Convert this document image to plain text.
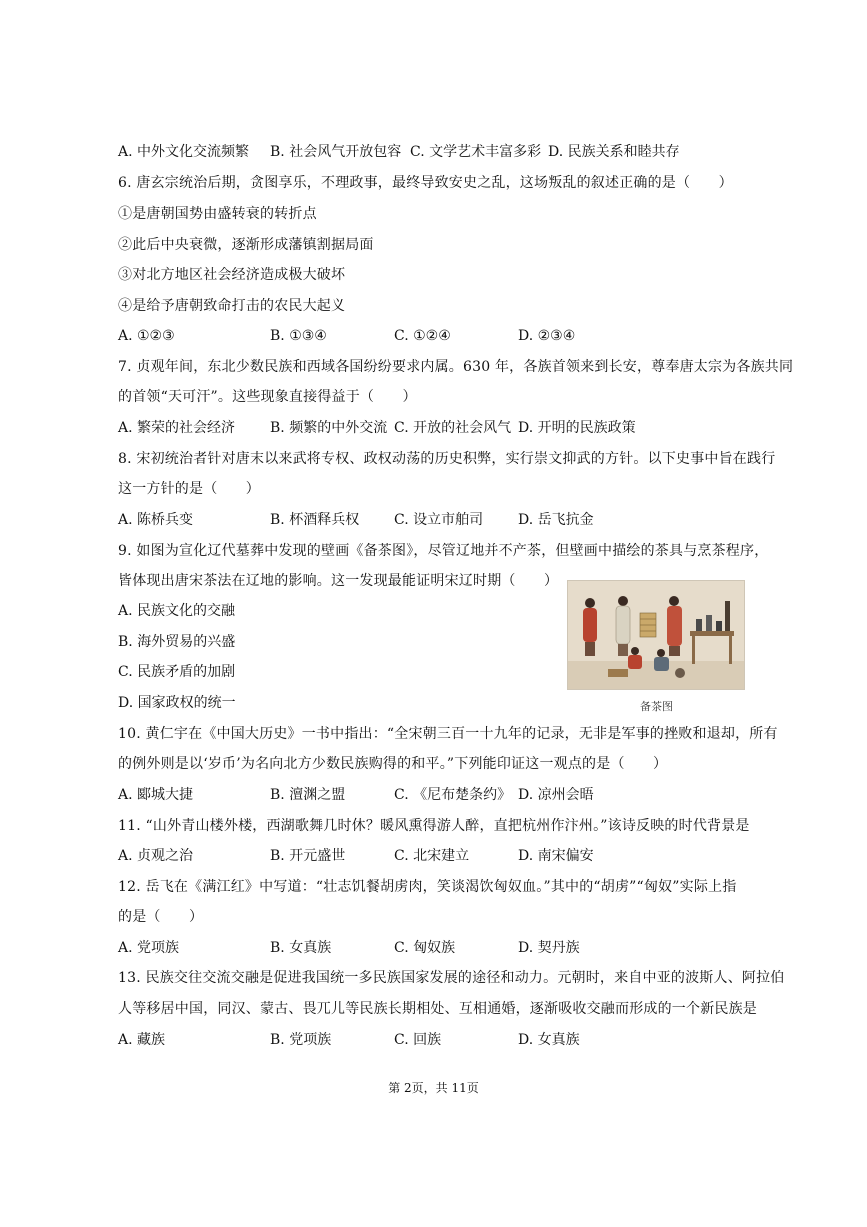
A. 中外文化交流频繁 B. 社会风气开放包容 C. 文学艺术丰富多彩 D. 民族关系和睦共存
6. 唐玄宗统治后期，贪图享乐，不理政事，最终导致安史之乱，这场叛乱的叙述正确的是（　　）
①是唐朝国势由盛转衰的转折点
②此后中央衰微，逐渐形成藩镇割据局面
③对北方地区社会经济造成极大破坏
④是给予唐朝致命打击的农民大起义
A. ①②③	B. ①③④	C. ①②④	D. ②③④
7. 贞观年间，东北少数民族和西域各国纷纷要求内属。630 年，各族首领来到长安，尊奉唐太宗为各族共同
的首领“天可汗”。这些现象直接得益于（　　）
A. 繁荣的社会经济 B. 频繁的中外交流 C. 开放的社会风气 D. 开明的民族政策
8. 宋初统治者针对唐末以来武将专权、政权动荡的历史积弊，实行崇文抑武的方针。以下史事中旨在践行
这一方针的是（　　）
A. 陈桥兵变	B. 杯酒释兵权 C. 设立市舶司 D. 岳飞抗金
9. 如图为宣化辽代墓葬中发现的壁画《备茶图》，尽管辽地并不产茶，但壁画中描绘的茶具与烹茶程序，
皆体现出唐宋茶法在辽地的影响。这一发现最能证明宋辽时期（　　）
A. 民族文化的交融
B. 海外贸易的兴盛
C. 民族矛盾的加剧
D. 国家政权的统一	备茶图
10. 黄仁宇在《中国大历史》一书中指出：“全宋朝三百一十九年的记录，无非是军事的挫败和退却，所有
的例外则是以‘岁币’为名向北方少数民族购得的和平。”下列能印证这一观点的是（　　）
A. 郾城大捷	B. 澶渊之盟	C. 《尼布楚条约》 D. 凉州会晤
11. “山外青山楼外楼，西湖歌舞几时休？暖风熏得游人醉，直把杭州作汴州。”该诗反映的时代背景是
A. 贞观之治	B. 开元盛世	C. 北宋建立	D. 南宋偏安
12. 岳飞在《满江红》中写道：“壮志饥餐胡虏肉，笑谈渴饮匈奴血。”其中的“胡虏”“匈奴”实际上指
的是（　　）
A. 党项族	B. 女真族	C. 匈奴族	D. 契丹族
13. 民族交往交流交融是促进我国统一多民族国家发展的途径和动力。元朝时，来自中亚的波斯人、阿拉伯
人等移居中国，同汉、蒙古、畏兀儿等民族长期相处、互相通婚，逐渐吸收交融而形成的一个新民族是
A. 藏族	B. 党项族	C. 回族	D. 女真族
第 2页，共 11页
